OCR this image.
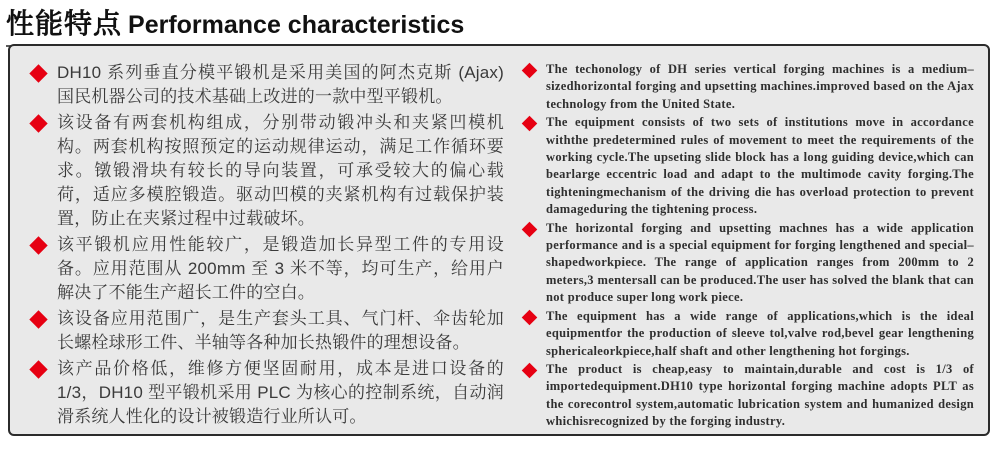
性能特点 Performance characteristics
DH10 系列垂直分模平锻机是采用美国的阿杰克斯 (Ajax) 国民机器公司的技术基础上改进的一款中型平锻机。
该设备有两套机构组成，分别带动锻冲头和夹紧凹模机构。两套机构按照预定的运动规律运动，满足工作循环要求。镦锻滑块有较长的导向装置，可承受较大的偏心载荷，适应多模腔锻造。驱动凹模的夹紧机构有过载保护装置，防止在夹紧过程中过载破坏。
该平锻机应用性能较广，是锻造加长异型工件的专用设备。应用范围从 200mm 至 3 米不等，均可生产，给用户解决了不能生产超长工件的空白。
该设备应用范围广，是生产套头工具、气门杆、伞齿轮加长螺栓球形工件、半轴等各种加长热锻件的理想设备。
该产品价格低，维修方便坚固耐用，成本是进口设备的 1/3，DH10 型平锻机采用 PLC 为核心的控制系统，自动润滑系统人性化的设计被锻造行业所认可。
The techonology of DH series vertical forging machines is a medium–sizedhorizontal forging and upsetting machines.improved based on the Ajax technology from the United State.
The equipment consists of two sets of institutions move in accordance withthe predetermined rules of movement to meet the requirements of the working cycle.The upseting slide block has a long guiding device,which can bearlarge eccentric load and adapt to the multimode cavity forging.The tighteningmechanism of the driving die has overload protection to prevent damageduring the tightening process.
The horizontal forging and upsetting machnes has a wide application performance and is a special equipment for forging lengthened and special–shapedworkpiece. The range of application ranges from 200mm to 2 meters,3 mentersall can be produced.The user has solved the blank that can not produce super long work piece.
The equipment has a wide range of applications,which is the ideal equipmentfor the production of sleeve tol,valve rod,bevel gear lengthening sphericaleorkpiece,half shaft and other lengthening hot forgings.
The product is cheap,easy to maintain,durable and cost is 1/3 of importedequipment.DH10 type horizontal forging machine adopts PLT as the corecontrol system,automatic lubrication system and humanized design whichisrecognized by the forging industry.
